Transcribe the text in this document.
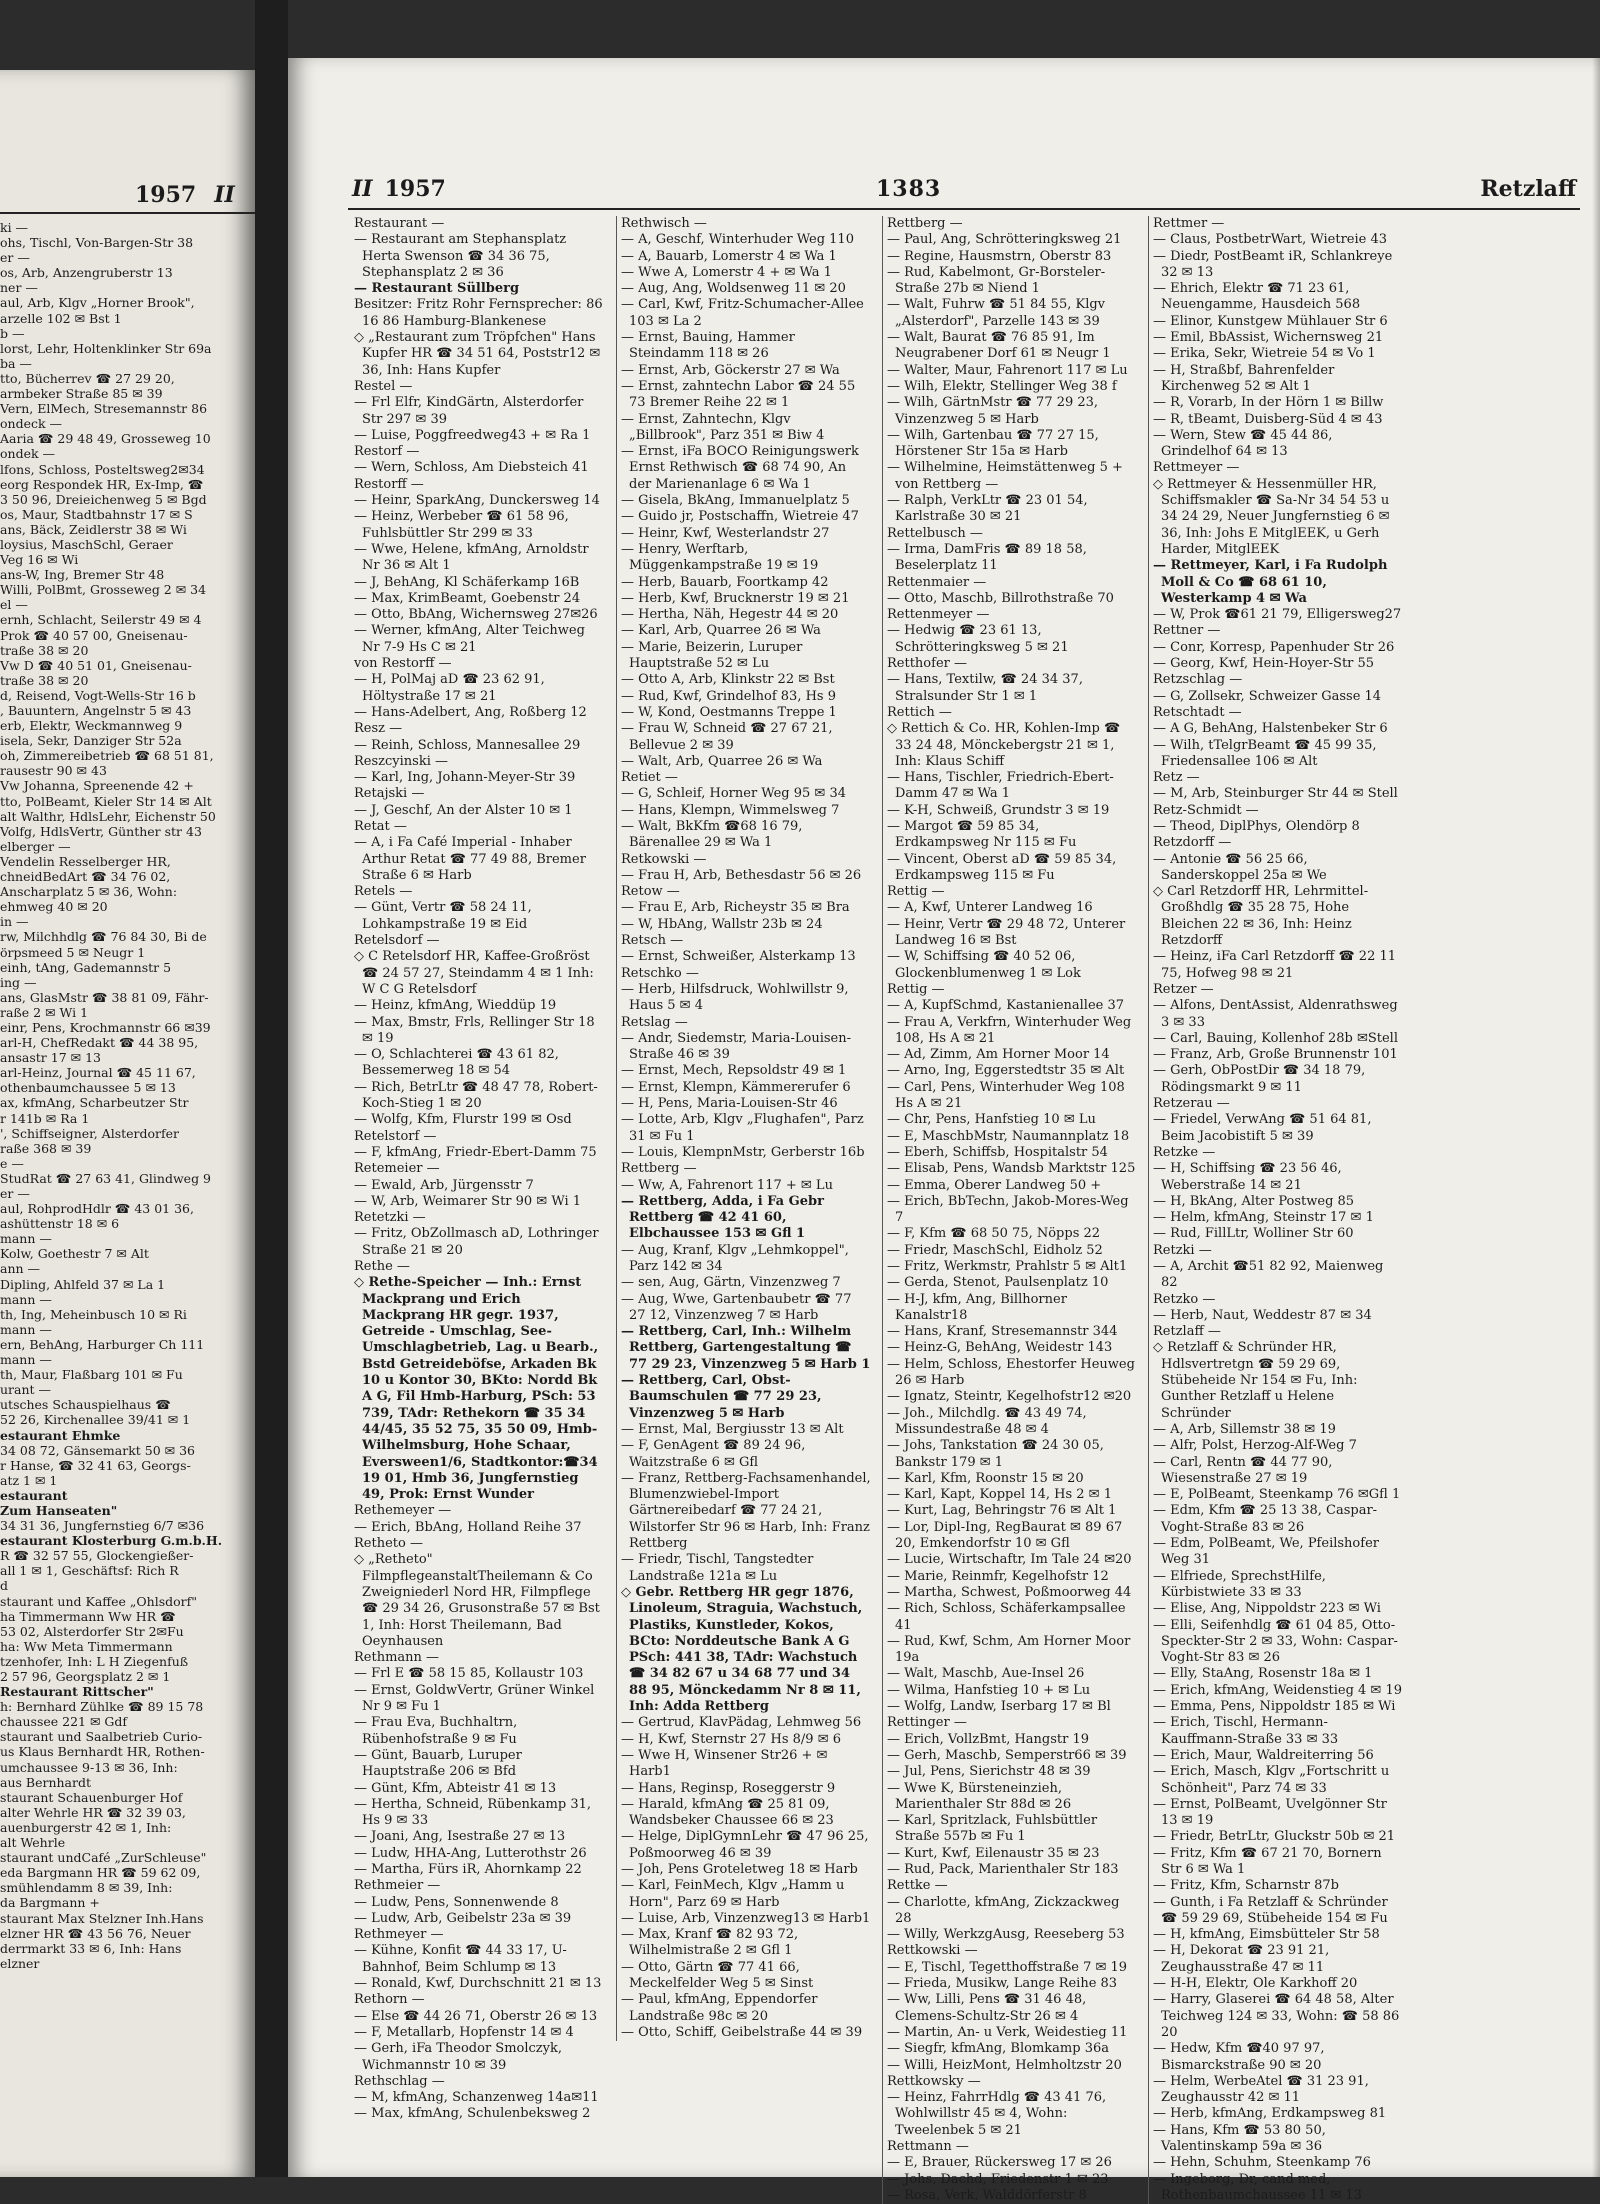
1957 II
ki —
ohs, Tischl, Von-Bargen-Str 38
er —
os, Arb, Anzengruberstr 13
ner —
aul, Arb, Klgv „Horner Brook",
arzelle 102 ✉ Bst 1
b —
lorst, Lehr, Holtenklinker Str 69a
ba —
tto, Bücherrev ☎ 27 29 20,
armbeker Straße 85 ✉ 39
Vern, ElMech, Stresemannstr 86
ondeck —
Aaria ☎ 29 48 49, Grosseweg 10
ondek —
lfons, Schloss, Posteltsweg2✉34
eorg Respondek HR, Ex-Imp, ☎
3 50 96, Dreieichenweg 5 ✉ Bgd
os, Maur, Stadtbahnstr 17 ✉ S
ans, Bäck, Zeidlerstr 38 ✉ Wi
loysius, MaschSchl, Geraer
Veg 16 ✉ Wi
ans-W, Ing, Bremer Str 48
Willi, PolBmt, Grosseweg 2 ✉ 34
el —
ernh, Schlacht, Seilerstr 49 ✉ 4
Prok ☎ 40 57 00, Gneisenau-
traße 38 ✉ 20
Vw D ☎ 40 51 01, Gneisenau-
traße 38 ✉ 20
d, Reisend, Vogt-Wells-Str 16 b
, Bauuntern, Angelnstr 5 ✉ 43
erb, Elektr, Weckmannweg 9
isela, Sekr, Danziger Str 52a
oh, Zimmereibetrieb ☎ 68 51 81,
rausestr 90 ✉ 43
Vw Johanna, Spreenende 42 +
tto, PolBeamt, Kieler Str 14 ✉ Alt
alt Walthr, HdlsLehr, Eichenstr 50
Volfg, HdlsVertr, Günther str 43
elberger —
Vendelin Resselberger HR,
chneidBedArt ☎ 34 76 02,
Anscharplatz 5 ✉ 36, Wohn:
ehmweg 40 ✉ 20
in —
rw, Milchhdlg ☎ 76 84 30, Bi de
örpsmeed 5 ✉ Neugr 1
einh, tAng, Gademannstr 5
ing —
ans, GlasMstr ☎ 38 81 09, Fähr-
raße 2 ✉ Wi 1
einr, Pens, Krochmannstr 66 ✉39
arl-H, ChefRedakt ☎ 44 38 95,
ansastr 17 ✉ 13
arl-Heinz, Journal ☎ 45 11 67,
othenbaumchaussee 5 ✉ 13
ax, kfmAng, Scharbeutzer Str
r 141b ✉ Ra 1
', Schiffseigner, Alsterdorfer
raße 368 ✉ 39
e —
StudRat ☎ 27 63 41, Glindweg 9
er —
aul, RohprodHdlr ☎ 43 01 36,
ashüttenstr 18 ✉ 6
mann —
Kolw, Goethestr 7 ✉ Alt
ann —
Dipling, Ahlfeld 37 ✉ La 1
mann —
th, Ing, Meheinbusch 10 ✉ Ri
mann —
ern, BehAng, Harburger Ch 111
mann —
th, Maur, Flaßbarg 101 ✉ Fu
urant —
utsches Schauspielhaus ☎
52 26, Kirchenallee 39/41 ✉ 1
estaurant Ehmke
34 08 72, Gänsemarkt 50 ✉ 36
r Hanse, ☎ 32 41 63, Georgs-
atz 1 ✉ 1
estaurant
Zum Hanseaten"
34 31 36, Jungfernstieg 6/7 ✉36
estaurant Klosterburg G.m.b.H.
R ☎ 32 57 55, Glockengießer-
all 1 ✉ 1, Geschäftsf: Rich R
d
staurant und Kaffee „Ohlsdorf"
ha Timmermann Ww HR ☎
53 02, Alsterdorfer Str 2✉Fu
ha: Ww Meta Timmermann
tzenhofer, Inh: L H Ziegenfuß
2 57 96, Georgsplatz 2 ✉ 1
Restaurant Rittscher"
h: Bernhard Zühlke ☎ 89 15 78
chaussee 221 ✉ Gdf
staurant und Saalbetrieb Curio-
us Klaus Bernhardt HR, Rothen-
umchaussee 9-13 ✉ 36, Inh:
aus Bernhardt
staurant Schauenburger Hof
alter Wehrle HR ☎ 32 39 03,
auenburgerstr 42 ✉ 1, Inh:
alt Wehrle
staurant undCafé „ZurSchleuse"
eda Bargmann HR ☎ 59 62 09,
smühlendamm 8 ✉ 39, Inh:
da Bargmann +
staurant Max Stelzner Inh.Hans
elzner HR ☎ 43 56 76, Neuer
derrmarkt 33 ✉ 6, Inh: Hans
elzner
II 1957	1383	Retzlaff
Restaurant —
— Restaurant am Stephansplatz Herta Swenson ☎ 34 36 75, Stephansplatz 2 ✉ 36
— Restaurant Süllberg
Besitzer: Fritz Rohr Fernsprecher: 86 16 86 Hamburg-Blankenese
◇ „Restaurant zum Tröpfchen" Hans Kupfer HR ☎ 34 51 64, Poststr12 ✉ 36, Inh: Hans Kupfer
Restel —
— Frl Elfr, KindGärtn, Alsterdorfer Str 297 ✉ 39
— Luise, Poggfreedweg43 + ✉ Ra 1
Restorf —
— Wern, Schloss, Am Diebsteich 41
Restorff —
— Heinr, SparkAng, Dunckersweg 14
— Heinz, Werbeber ☎ 61 58 96, Fuhlsbüttler Str 299 ✉ 33
— Wwe, Helene, kfmAng, Arnoldstr Nr 36 ✉ Alt 1
— J, BehAng, Kl Schäferkamp 16B
— Max, KrimBeamt, Goebenstr 24
— Otto, BbAng, Wichernsweg 27✉26
— Werner, kfmAng, Alter Teichweg Nr 7-9 Hs C ✉ 21
von Restorff —
— H, PolMaj aD ☎ 23 62 91, Höltystraße 17 ✉ 21
— Hans-Adelbert, Ang, Roßberg 12
Resz —
— Reinh, Schloss, Mannesallee 29
Reszcyinski —
— Karl, Ing, Johann-Meyer-Str 39
Retajski —
— J, Geschf, An der Alster 10 ✉ 1
Retat —
— A, i Fa Café Imperial - Inhaber Arthur Retat ☎ 77 49 88, Bremer Straße 6 ✉ Harb
Retels —
— Günt, Vertr ☎ 58 24 11, Lohkampstraße 19 ✉ Eid
Retelsdorf —
◇ C Retelsdorf HR, Kaffee-Großröst ☎ 24 57 27, Steindamm 4 ✉ 1 Inh: W C G Retelsdorf
— Heinz, kfmAng, Wieddüp 19
— Max, Bmstr, Frls, Rellinger Str 18 ✉ 19
— O, Schlachterei ☎ 43 61 82, Bessemerweg 18 ✉ 54
— Rich, BetrLtr ☎ 48 47 78, Robert-Koch-Stieg 1 ✉ 20
— Wolfg, Kfm, Flurstr 199 ✉ Osd
Retelstorf —
— F, kfmAng, Friedr-Ebert-Damm 75
Retemeier —
— Ewald, Arb, Jürgensstr 7
— W, Arb, Weimarer Str 90 ✉ Wi 1
Retetzki —
— Fritz, ObZollmasch aD, Lothringer Straße 21 ✉ 20
Rethe —
◇ Rethe-Speicher — Inh.: Ernst Mackprang und Erich Mackprang HR gegr. 1937, Getreide - Umschlag, See-Umschlagbetrieb, Lag. u Bearb., Bstd Getreideböfse, Arkaden Bk 10 u Kontor 30, BKto: Nordd Bk A G, Fil Hmb-Harburg, PSch: 53 739, TAdr: Rethekorn ☎ 35 34 44/45, 35 52 75, 35 50 09, Hmb-Wilhelmsburg, Hohe Schaar, Eversween1/6, Stadtkontor:☎34 19 01, Hmb 36, Jungfernstieg 49, Prok: Ernst Wunder
Rethemeyer —
— Erich, BbAng, Holland Reihe 37
Retheto —
◇ „Retheto" FilmpflegeanstaltTheilemann & Co Zweigniederl Nord HR, Filmpflege ☎ 29 34 26, Grusonstraße 57 ✉ Bst 1, Inh: Horst Theilemann, Bad Oeynhausen
Rethmann —
— Frl E ☎ 58 15 85, Kollaustr 103
— Ernst, GoldwVertr, Grüner Winkel Nr 9 ✉ Fu 1
— Frau Eva, Buchhaltrn, Rübenhofstraße 9 ✉ Fu
— Günt, Bauarb, Luruper Hauptstraße 206 ✉ Bfd
— Günt, Kfm, Abteistr 41 ✉ 13
— Hertha, Schneid, Rübenkamp 31, Hs 9 ✉ 33
— Joani, Ang, Isestraße 27 ✉ 13
— Ludw, HHA-Ang, Lutterothstr 26
— Martha, Fürs iR, Ahornkamp 22
Rethmeier —
— Ludw, Pens, Sonnenwende 8
— Ludw, Arb, Geibelstr 23a ✉ 39
Rethmeyer —
— Kühne, Konfit ☎ 44 33 17, U-Bahnhof, Beim Schlump ✉ 13
— Ronald, Kwf, Durchschnitt 21 ✉ 13
Rethorn —
— Else ☎ 44 26 71, Oberstr 26 ✉ 13
— F, Metallarb, Hopfenstr 14 ✉ 4
— Gerh, iFa Theodor Smolczyk, Wichmannstr 10 ✉ 39
Rethschlag —
— M, kfmAng, Schanzenweg 14a✉11
— Max, kfmAng, Schulenbeksweg 2
Rethwisch —
— A, Geschf, Winterhuder Weg 110
— A, Bauarb, Lomerstr 4 ✉ Wa 1
— Wwe A, Lomerstr 4 + ✉ Wa 1
— Aug, Ang, Woldsenweg 11 ✉ 20
— Carl, Kwf, Fritz-Schumacher-Allee 103 ✉ La 2
— Ernst, Bauing, Hammer Steindamm 118 ✉ 26
— Ernst, Arb, Göckerstr 27 ✉ Wa
— Ernst, zahntechn Labor ☎ 24 55 73 Bremer Reihe 22 ✉ 1
— Ernst, Zahntechn, Klgv „Billbrook", Parz 351 ✉ Biw 4
— Ernst, iFa BOCO Reinigungswerk Ernst Rethwisch ☎ 68 74 90, An der Marienanlage 6 ✉ Wa 1
— Gisela, BkAng, Immanuelplatz 5
— Guido jr, Postschaffn, Wietreie 47
— Heinr, Kwf, Westerlandstr 27
— Henry, Werftarb, Müggenkampstraße 19 ✉ 19
— Herb, Bauarb, Foortkamp 42
— Herb, Kwf, Brucknerstr 19 ✉ 21
— Hertha, Näh, Hegestr 44 ✉ 20
— Karl, Arb, Quarree 26 ✉ Wa
— Marie, Beizerin, Luruper Hauptstraße 52 ✉ Lu
— Otto A, Arb, Klinkstr 22 ✉ Bst
— Rud, Kwf, Grindelhof 83, Hs 9
— W, Kond, Oestmanns Treppe 1
— Frau W, Schneid ☎ 27 67 21, Bellevue 2 ✉ 39
— Walt, Arb, Quarree 26 ✉ Wa
Retiet —
— G, Schleif, Horner Weg 95 ✉ 34
— Hans, Klempn, Wimmelsweg 7
— Walt, BkKfm ☎68 16 79, Bärenallee 29 ✉ Wa 1
Retkowski —
— Frau H, Arb, Bethesdastr 56 ✉ 26
Retow —
— Frau E, Arb, Richeystr 35 ✉ Bra
— W, HbAng, Wallstr 23b ✉ 24
Retsch —
— Ernst, Schweißer, Alsterkamp 13
Retschko —
— Herb, Hilfsdruck, Wohlwillstr 9, Haus 5 ✉ 4
Retslag —
— Andr, Siedemstr, Maria-Louisen-Straße 46 ✉ 39
— Ernst, Mech, Repsoldstr 49 ✉ 1
— Ernst, Klempn, Kämmererufer 6
— H, Pens, Maria-Louisen-Str 46
— Lotte, Arb, Klgv „Flughafen", Parz 31 ✉ Fu 1
— Louis, KlempnMstr, Gerberstr 16b
Rettberg —
— Ww, A, Fahrenort 117 + ✉ Lu
— Rettberg, Adda, i Fa Gebr Rettberg ☎ 42 41 60, Elbchaussee 153 ✉ Gfl 1
— Aug, Kranf, Klgv „Lehmkoppel", Parz 142 ✉ 34
— sen, Aug, Gärtn, Vinzenzweg 7
— Aug, Wwe, Gartenbaubetr ☎ 77 27 12, Vinzenzweg 7 ✉ Harb
— Rettberg, Carl, Inh.: Wilhelm Rettberg, Gartengestaltung ☎ 77 29 23, Vinzenzweg 5 ✉ Harb 1
— Rettberg, Carl, Obst-Baumschulen ☎ 77 29 23, Vinzenzweg 5 ✉ Harb
— Ernst, Mal, Bergiusstr 13 ✉ Alt
— F, GenAgent ☎ 89 24 96, Waitzstraße 6 ✉ Gfl
— Franz, Rettberg-Fachsamenhandel, Blumenzwiebel-Import Gärtnereibedarf ☎ 77 24 21, Wilstorfer Str 96 ✉ Harb, Inh: Franz Rettberg
— Friedr, Tischl, Tangstedter Landstraße 121a ✉ Lu
◇ Gebr. Rettberg HR gegr 1876, Linoleum, Straguia, Wachstuch, Plastiks, Kunstleder, Kokos, BCto: Norddeutsche Bank A G PSch: 441 38, TAdr: Wachstuch ☎ 34 82 67 u 34 68 77 und 34 88 95, Mönckedamm Nr 8 ✉ 11, Inh: Adda Rettberg
— Gertrud, KlavPädag, Lehmweg 56
— H, Kwf, Sternstr 27 Hs 8/9 ✉ 6
— Wwe H, Winsener Str26 + ✉ Harb1
— Hans, Reginsp, Roseggerstr 9
— Harald, kfmAng ☎ 25 81 09, Wandsbeker Chaussee 66 ✉ 23
— Helge, DiplGymnLehr ☎ 47 96 25, Poßmoorweg 46 ✉ 39
— Joh, Pens Groteletweg 18 ✉ Harb
— Karl, FeinMech, Klgv „Hamm u Horn", Parz 69 ✉ Harb
— Luise, Arb, Vinzenzweg13 ✉ Harb1
— Max, Kranf ☎ 82 93 72, Wilhelmistraße 2 ✉ Gfl 1
— Otto, Gärtn ☎ 77 41 66, Meckelfelder Weg 5 ✉ Sinst
— Paul, kfmAng, Eppendorfer Landstraße 98c ✉ 20
— Otto, Schiff, Geibelstraße 44 ✉ 39
Rettberg —
— Paul, Ang, Schrötteringksweg 21
— Regine, Hausmstrn, Oberstr 83
— Rud, Kabelmont, Gr-Borsteler-Straße 27b ✉ Niend 1
— Walt, Fuhrw ☎ 51 84 55, Klgv „Alsterdorf", Parzelle 143 ✉ 39
— Walt, Baurat ☎ 76 85 91, Im Neugrabener Dorf 61 ✉ Neugr 1
— Walter, Maur, Fahrenort 117 ✉ Lu
— Wilh, Elektr, Stellinger Weg 38 f
— Wilh, GärtnMstr ☎ 77 29 23, Vinzenzweg 5 ✉ Harb
— Wilh, Gartenbau ☎ 77 27 15, Hörstener Str 15a ✉ Harb
— Wilhelmine, Heimstättenweg 5 + von Rettberg —
— Ralph, VerkLtr ☎ 23 01 54, Karlstraße 30 ✉ 21
Rettelbusch —
— Irma, DamFris ☎ 89 18 58, Beselerplatz 11
Rettenmaier —
— Otto, Maschb, Billrothstraße 70
Rettenmeyer —
— Hedwig ☎ 23 61 13, Schrötteringksweg 5 ✉ 21
Retthofer —
— Hans, Textilw, ☎ 24 34 37, Stralsunder Str 1 ✉ 1
Rettich —
◇ Rettich & Co. HR, Kohlen-Imp ☎ 33 24 48, Mönckebergstr 21 ✉ 1, Inh: Klaus Schiff
— Hans, Tischler, Friedrich-Ebert-Damm 47 ✉ Wa 1
— K-H, Schweiß, Grundstr 3 ✉ 19
— Margot ☎ 59 85 34, Erdkampsweg Nr 115 ✉ Fu
— Vincent, Oberst aD ☎ 59 85 34, Erdkampsweg 115 ✉ Fu
Rettig —
— A, Kwf, Unterer Landweg 16
— Heinr, Vertr ☎ 29 48 72, Unterer Landweg 16 ✉ Bst
— W, Schiffsing ☎ 40 52 06, Glockenblumenweg 1 ✉ Lok
Rettig —
— A, KupfSchmd, Kastanienallee 37
— Frau A, Verkfrn, Winterhuder Weg 108, Hs A ✉ 21
— Ad, Zimm, Am Horner Moor 14
— Arno, Ing, Eggerstedtstr 35 ✉ Alt
— Carl, Pens, Winterhuder Weg 108 Hs A ✉ 21
— Chr, Pens, Hanfstieg 10 ✉ Lu
— E, MaschbMstr, Naumannplatz 18
— Eberh, Schiffsb, Hospitalstr 54
— Elisab, Pens, Wandsb Marktstr 125
— Emma, Oberer Landweg 50 +
— Erich, BbTechn, Jakob-Mores-Weg 7
— F, Kfm ☎ 68 50 75, Nöpps 22
— Friedr, MaschSchl, Eidholz 52
— Fritz, Werkmstr, Prahlstr 5 ✉ Alt1
— Gerda, Stenot, Paulsenplatz 10
— H-J, kfm, Ang, Billhorner Kanalstr18
— Hans, Kranf, Stresemannstr 344
— Heinz-G, BehAng, Weidestr 143
— Helm, Schloss, Ehestorfer Heuweg 26 ✉ Harb
— Ignatz, Steintr, Kegelhofstr12 ✉20
— Joh., Milchdlg. ☎ 43 49 74, Missundestraße 48 ✉ 4
— Johs, Tankstation ☎ 24 30 05, Bankstr 179 ✉ 1
— Karl, Kfm, Roonstr 15 ✉ 20
— Karl, Kapt, Koppel 14, Hs 2 ✉ 1
— Kurt, Lag, Behringstr 76 ✉ Alt 1
— Lor, Dipl-Ing, RegBaurat ✉ 89 67 20, Emkendorfstr 10 ✉ Gfl
— Lucie, Wirtschaftr, Im Tale 24 ✉20
— Marie, Reinmfr, Kegelhofstr 12
— Martha, Schwest, Poßmoorweg 44
— Rich, Schloss, Schäferkampsallee 41
— Rud, Kwf, Schm, Am Horner Moor 19a
— Walt, Maschb, Aue-Insel 26
— Wilma, Hanfstieg 10 + ✉ Lu
— Wolfg, Landw, Iserbarg 17 ✉ Bl
Rettinger —
— Erich, VollzBmt, Hangstr 19
— Gerh, Maschb, Semperstr66 ✉ 39
— Jul, Pens, Sierichstr 48 ✉ 39
— Wwe K, Bürsteneinzieh, Marienthaler Str 88d ✉ 26
— Karl, Spritzlack, Fuhlsbüttler Straße 557b ✉ Fu 1
— Kurt, Kwf, Eilenaustr 35 ✉ 23
— Rud, Pack, Marienthaler Str 183
Rettke —
— Charlotte, kfmAng, Zickzackweg 28
— Willy, WerkzgAusg, Reeseberg 53
Rettkowski —
— E, Tischl, Tegetthoffstraße 7 ✉ 19
— Frieda, Musikw, Lange Reihe 83
— Ww, Lilli, Pens ☎ 31 46 48, Clemens-Schultz-Str 26 ✉ 4
— Martin, An- u Verk, Weidestieg 11
— Siegfr, kfmAng, Blomkamp 36a
— Willi, HeizMont, Helmholtzstr 20
Rettkowsky —
— Heinz, FahrrHdlg ☎ 43 41 76, Wohlwillstr 45 ✉ 4, Wohn: Tweelenbek 5 ✉ 21
Rettmann —
— E, Brauer, Rückersweg 17 ✉ 26
— Johs, Dachd, Friedenstr 1 ✉ 23
— Rosa, Verk, Walddörferstr 8
Rettmer —
— Claus, PostbetrWart, Wietreie 43
— Diedr, PostBeamt iR, Schlankreye 32 ✉ 13
— Ehrich, Elektr ☎ 71 23 61, Neuengamme, Hausdeich 568
— Elinor, Kunstgew Mühlauer Str 6
— Emil, BbAssist, Wichernsweg 21
— Erika, Sekr, Wietreie 54 ✉ Vo 1
— H, Straßbf, Bahrenfelder Kirchenweg 52 ✉ Alt 1
— R, Vorarb, In der Hörn 1 ✉ Billw
— R, tBeamt, Duisberg-Süd 4 ✉ 43
— Wern, Stew ☎ 45 44 86, Grindelhof 64 ✉ 13
Rettmeyer —
◇ Rettmeyer & Hessenmüller HR, Schiffsmakler ☎ Sa-Nr 34 54 53 u 34 24 29, Neuer Jungfernstieg 6 ✉ 36, Inh: Johs E MitglEEK, u Gerh Harder, MitglEEK
— Rettmeyer, Karl, i Fa Rudolph Moll & Co ☎ 68 61 10, Westerkamp 4 ✉ Wa
— W, Prok ☎61 21 79, Elligersweg27
Rettner —
— Conr, Korresp, Papenhuder Str 26
— Georg, Kwf, Hein-Hoyer-Str 55
Retzschlag —
— G, Zollsekr, Schweizer Gasse 14
Retschtadt —
— A G, BehAng, Halstenbeker Str 6
— Wilh, tTelgrBeamt ☎ 45 99 35, Friedensallee 106 ✉ Alt
Retz —
— M, Arb, Steinburger Str 44 ✉ Stell
Retz-Schmidt —
— Theod, DiplPhys, Olendörp 8
Retzdorff —
— Antonie ☎ 56 25 66, Sanderskoppel 25a ✉ We
◇ Carl Retzdorff HR, Lehrmittel-Großhdlg ☎ 35 28 75, Hohe Bleichen 22 ✉ 36, Inh: Heinz Retzdorff
— Heinz, iFa Carl Retzdorff ☎ 22 11 75, Hofweg 98 ✉ 21
Retzer —
— Alfons, DentAssist, Aldenrathsweg 3 ✉ 33
— Carl, Bauing, Kollenhof 28b ✉Stell
— Franz, Arb, Große Brunnenstr 101
— Gerh, ObPostDir ☎ 34 18 79, Rödingsmarkt 9 ✉ 11
Retzerau —
— Friedel, VerwAng ☎ 51 64 81, Beim Jacobistift 5 ✉ 39
Retzke —
— H, Schiffsing ☎ 23 56 46, Weberstraße 14 ✉ 21
— H, BkAng, Alter Postweg 85
— Helm, kfmAng, Steinstr 17 ✉ 1
— Rud, FillLtr, Wolliner Str 60
Retzki —
— A, Archit ☎51 82 92, Maienweg 82
Retzko —
— Herb, Naut, Weddestr 87 ✉ 34
Retzlaff —
◇ Retzlaff & Schründer HR, Hdlsvertretgn ☎ 59 29 69, Stübeheide Nr 154 ✉ Fu, Inh: Gunther Retzlaff u Helene Schründer
— A, Arb, Sillemstr 38 ✉ 19
— Alfr, Polst, Herzog-Alf-Weg 7
— Carl, Rentn ☎ 44 77 90, Wiesenstraße 27 ✉ 19
— E, PolBeamt, Steenkamp 76 ✉Gfl 1
— Edm, Kfm ☎ 25 13 38, Caspar-Voght-Straße 83 ✉ 26
— Edm, PolBeamt, We, Pfeilshofer Weg 31
— Elfriede, SprechstHilfe, Kürbistwiete 33 ✉ 33
— Elise, Ang, Nippoldstr 223 ✉ Wi
— Elli, Seifenhdlg ☎ 61 04 85, Otto-Speckter-Str 2 ✉ 33, Wohn: Caspar-Voght-Str 83 ✉ 26
— Elly, StaAng, Rosenstr 18a ✉ 1
— Erich, kfmAng, Weidenstieg 4 ✉ 19
— Emma, Pens, Nippoldstr 185 ✉ Wi
— Erich, Tischl, Hermann-Kauffmann-Straße 33 ✉ 33
— Erich, Maur, Waldreiterring 56
— Erich, Masch, Klgv „Fortschritt u Schönheit", Parz 74 ✉ 33
— Ernst, PolBeamt, Uvelgönner Str 13 ✉ 19
— Friedr, BetrLtr, Gluckstr 50b ✉ 21
— Fritz, Kfm ☎ 67 21 70, Bornern Str 6 ✉ Wa 1
— Fritz, Kfm, Scharnstr 87b
— Gunth, i Fa Retzlaff & Schründer ☎ 59 29 69, Stübeheide 154 ✉ Fu
— H, kfmAng, Eimsbütteler Str 58
— H, Dekorat ☎ 23 91 21, Zeughausstraße 47 ✉ 11
— H-H, Elektr, Ole Karkhoff 20
— Harry, Glaserei ☎ 64 48 58, Alter Teichweg 124 ✉ 33, Wohn: ☎ 58 86 20
— Hedw, Kfm ☎40 97 97, Bismarckstraße 90 ✉ 20
— Helm, WerbeAtel ☎ 31 23 91, Zeughausstr 42 ✉ 11
— Herb, kfmAng, Erdkampsweg 81
— Hans, Kfm ☎ 53 80 50, Valentinskamp 59a ✉ 36
— Hehn, Schuhm, Steenkamp 76
— Ingeborg, Dr, cand med, Rothenbaumchaussee 11 ✉ 13
